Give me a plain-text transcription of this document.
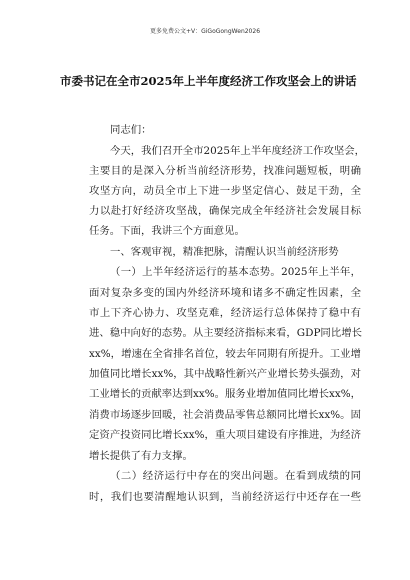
更多免费公文+V：GiGoGongWen2026
市委书记在全市2025年上半年度经济工作攻坚会上的讲话
同志们：
今天，我们召开全市2025年上半年度经济工作攻坚会，
主要目的是深入分析当前经济形势，找准问题短板，明确
攻坚方向，动员全市上下进一步坚定信心、鼓足干劲，全
力以赴打好经济攻坚战，确保完成全年经济社会发展目标
任务。下面，我讲三个方面意见。
一、客观审视，精准把脉，清醒认识当前经济形势
（一）上半年经济运行的基本态势。2025年上半年，
面对复杂多变的国内外经济环境和诸多不确定性因素，全
市上下齐心协力、攻坚克难，经济运行总体保持了稳中有
进、稳中向好的态势。从主要经济指标来看，GDP同比增长
xx%，增速在全省排名首位，较去年同期有所提升。工业增
加值同比增长xx%，其中战略性新兴产业增长势头强劲，对
工业增长的贡献率达到xx%。服务业增加值同比增长xx%，
消费市场逐步回暖，社会消费品零售总额同比增长xx%。固
定资产投资同比增长xx%，重大项目建设有序推进，为经济
增长提供了有力支撑。
（二）经济运行中存在的突出问题。在看到成绩的同
时，我们也要清醒地认识到，当前经济运行中还存在一些
